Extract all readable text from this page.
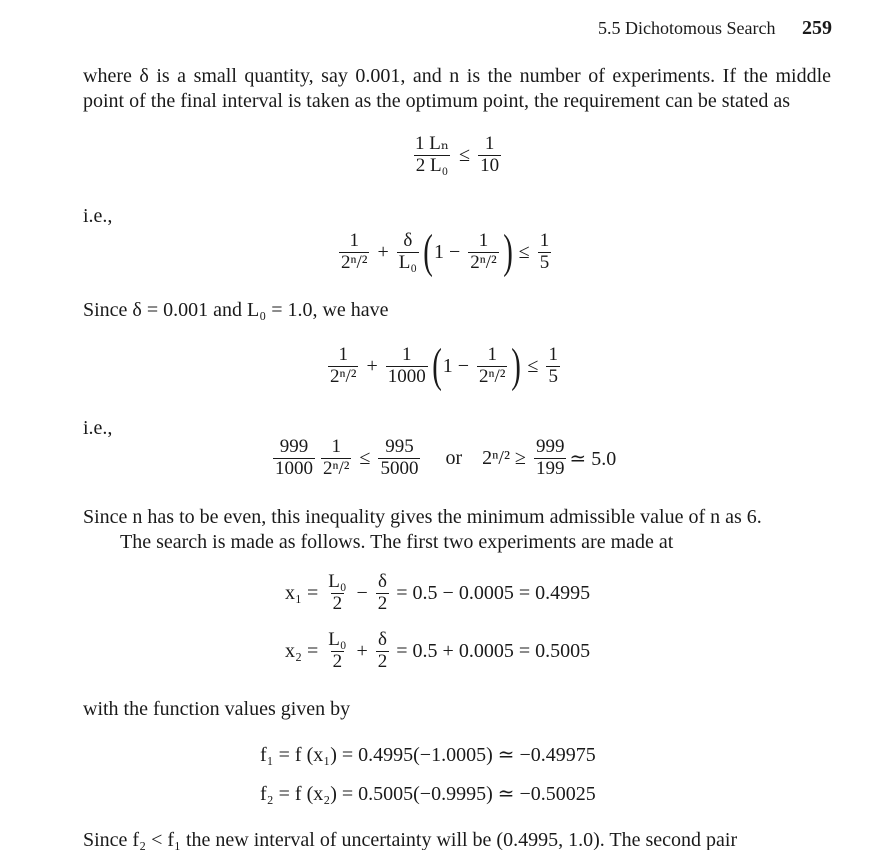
5.5 Dichotomous Search 259

where δ is a small quantity, say 0.001, and n is the number of experiments. If the middle point of the final interval is taken as the optimum point, the requirement can be stated as

$\frac{\text{1 Lₙ}}{\text{2 L₀}} \le \frac{1}{10}$
i.e.,
$\frac{1}{\text{2ⁿ/²}} + \frac{\delta}{\text{L₀}}$ ( $1 - \frac{1}{\text{2ⁿ/²}}$ ) ≤ $\frac{1}{5}$

Since δ = 0.001 and L₀ = 1.0, we have

$\frac{1}{\text{2ⁿ/²}} + \frac{1}{1000}$ ( $1 - \frac{1}{\text{2ⁿ/²}}$ ) ≤ $\frac{1}{5}$
i.e.,
$\frac{999}{1000} \frac{1}{\text{2ⁿ/²}} \le \frac{995}{5000}$ or $2^n/^2 \ge \frac{999}{199}$ ≃ 5.0

Since n has to be even, this inequality gives the minimum admissible value of n as 6.

The search is made as follows. The first two experiments are made at

$x_1 = \frac{\text{L₀}}{2} - \frac{\delta}{2} = 0.5 - 0.0005 = 0.4995$
$x_2 = \frac{\text{L₀}}{2} + \frac{\delta}{2} = 0.5 + 0.0005 = 0.5005$

with the function values given by

f₁ = f (x₁) = 0.4995(−1.0005) ≃ −0.49975
f₂ = f (x₂) = 0.5005(−0.9995) ≃ −0.50025
Since f₂ < f₁ the new interval of uncertainty will be (0.4995, 1.0). The second pair
